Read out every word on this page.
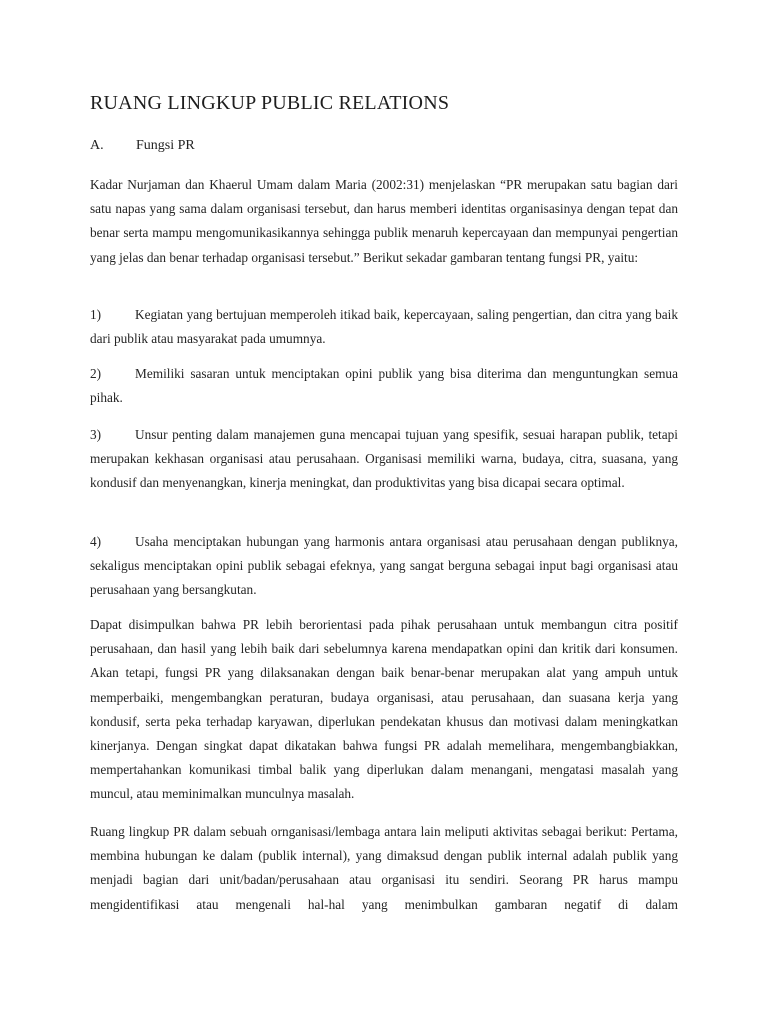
RUANG LINGKUP PUBLIC RELATIONS
A.	Fungsi PR

Kadar Nurjaman dan Khaerul Umam dalam Maria (2002:31) menjelaskan “PR merupakan satu bagian dari satu napas yang sama dalam organisasi tersebut, dan harus memberi identitas organisasinya dengan tepat dan benar serta mampu mengomunikasikannya sehingga publik menaruh kepercayaan dan mempunyai pengertian yang jelas dan benar terhadap organisasi tersebut.” Berikut sekadar gambaran tentang fungsi PR, yaitu:

1)	Kegiatan yang bertujuan memperoleh itikad baik, kepercayaan, saling pengertian, dan citra yang baik dari publik atau masyarakat pada umumnya.

2)	Memiliki sasaran untuk menciptakan opini publik yang bisa diterima dan menguntungkan semua pihak.

3)	Unsur penting dalam manajemen guna mencapai tujuan yang spesifik, sesuai harapan publik, tetapi merupakan kekhasan organisasi atau perusahaan. Organisasi memiliki warna, budaya, citra, suasana, yang kondusif dan menyenangkan, kinerja meningkat, dan produktivitas yang bisa dicapai secara optimal.

4)	Usaha menciptakan hubungan yang harmonis antara organisasi atau perusahaan dengan publiknya, sekaligus menciptakan opini publik sebagai efeknya, yang sangat berguna sebagai input bagi organisasi atau perusahaan yang bersangkutan.

Dapat disimpulkan bahwa PR lebih berorientasi pada pihak perusahaan untuk membangun citra positif perusahaan, dan hasil yang lebih baik dari sebelumnya karena mendapatkan opini dan kritik dari konsumen. Akan tetapi, fungsi PR yang dilaksanakan dengan baik benar-benar merupakan alat yang ampuh untuk memperbaiki, mengembangkan peraturan, budaya organisasi, atau perusahaan, dan suasana kerja yang kondusif, serta peka terhadap karyawan, diperlukan pendekatan khusus dan motivasi dalam meningkatkan kinerjanya. Dengan singkat dapat dikatakan bahwa fungsi PR adalah memelihara, mengembangbiakkan, mempertahankan komunikasi timbal balik yang diperlukan dalam menangani, mengatasi masalah yang muncul, atau meminimalkan munculnya masalah.

Ruang lingkup PR dalam sebuah ornganisasi/lembaga antara lain meliputi aktivitas sebagai berikut: Pertama, membina hubungan ke dalam (publik internal), yang dimaksud dengan publik internal adalah publik yang menjadi bagian dari unit/badan/perusahaan atau organisasi itu sendiri. Seorang PR harus mampu mengidentifikasi atau mengenali hal-hal yang menimbulkan gambaran negatif di dalam
